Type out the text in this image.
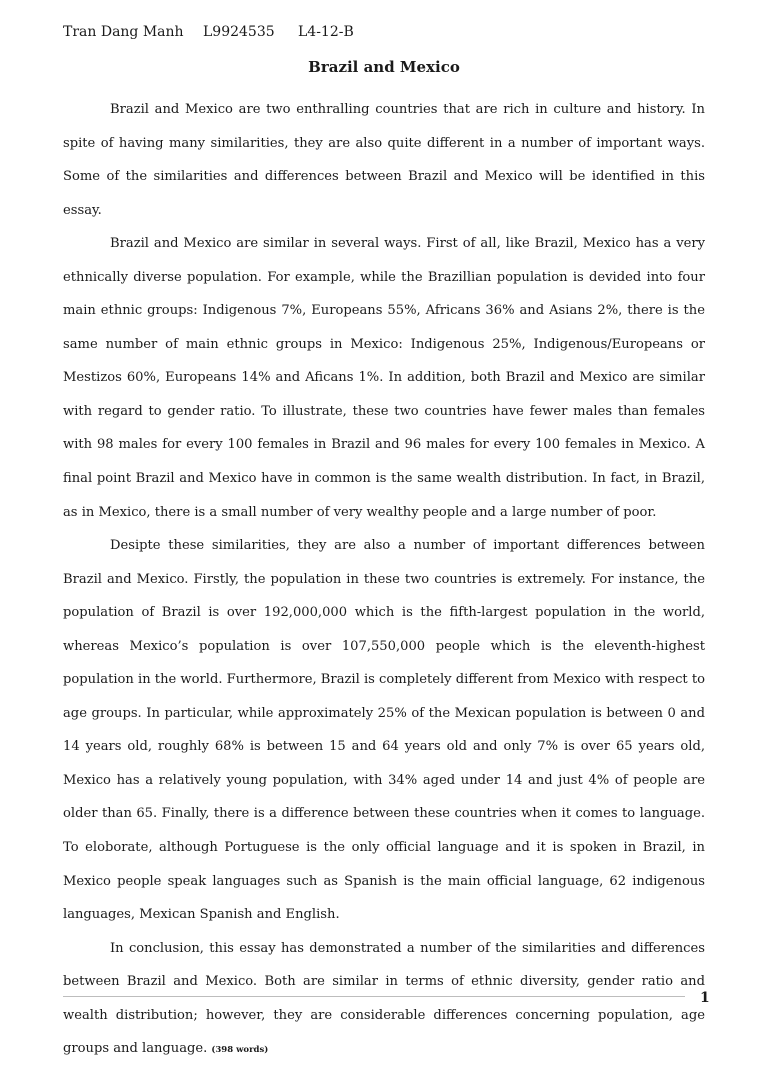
Tran Dang Manh	L9924535	L4-12-B
Brazil and Mexico

Brazil and Mexico are two enthralling countries that are rich in culture and history. In spite of having many similarities, they are also quite different in a number of important ways. Some of the similarities and differences between Brazil and Mexico will be identified in this essay.

Brazil and Mexico are similar in several ways. First of all, like Brazil, Mexico has a very ethnically diverse population. For example, while the Brazillian population is devided into four main ethnic groups: Indigenous 7%, Europeans 55%, Africans 36% and Asians 2%, there is the same number of main ethnic groups in Mexico: Indigenous 25%, Indigenous/Europeans or Mestizos 60%, Europeans 14% and Aficans 1%. In addition, both Brazil and Mexico are similar with regard to gender ratio. To illustrate, these two countries have fewer males than females with 98 males for every 100 females in Brazil and 96 males for every 100 females in Mexico. A final point Brazil and Mexico have in common is the same wealth distribution. In fact, in Brazil, as in Mexico, there is a small number of very wealthy people and a large number of poor.

Desipte these similarities, they are also a number of important differences between Brazil and Mexico. Firstly, the population in these two countries is extremely. For instance, the population of Brazil is over 192,000,000 which is the fifth-largest population in the world, whereas Mexico’s population is over 107,550,000 people which is the eleventh-highest population in the world. Furthermore, Brazil is completely different from Mexico with respect to age groups. In particular, while approximately 25% of the Mexican population is between 0 and 14 years old, roughly 68% is between 15 and 64 years old and only 7% is over 65 years old, Mexico has a relatively young population, with 34% aged under 14 and just 4% of people are older than 65. Finally, there is a difference between these countries when it comes to language. To eloborate, although Portuguese is the only official language and it is spoken in Brazil, in Mexico people speak languages such as Spanish is the main official language, 62 indigenous languages, Mexican Spanish and English.

In conclusion, this essay has demonstrated a number of the similarities and differences between Brazil and Mexico. Both are similar in terms of ethnic diversity, gender ratio and wealth distribution; however, they are considerable differences concerning population, age groups and language. (398 words)

1
